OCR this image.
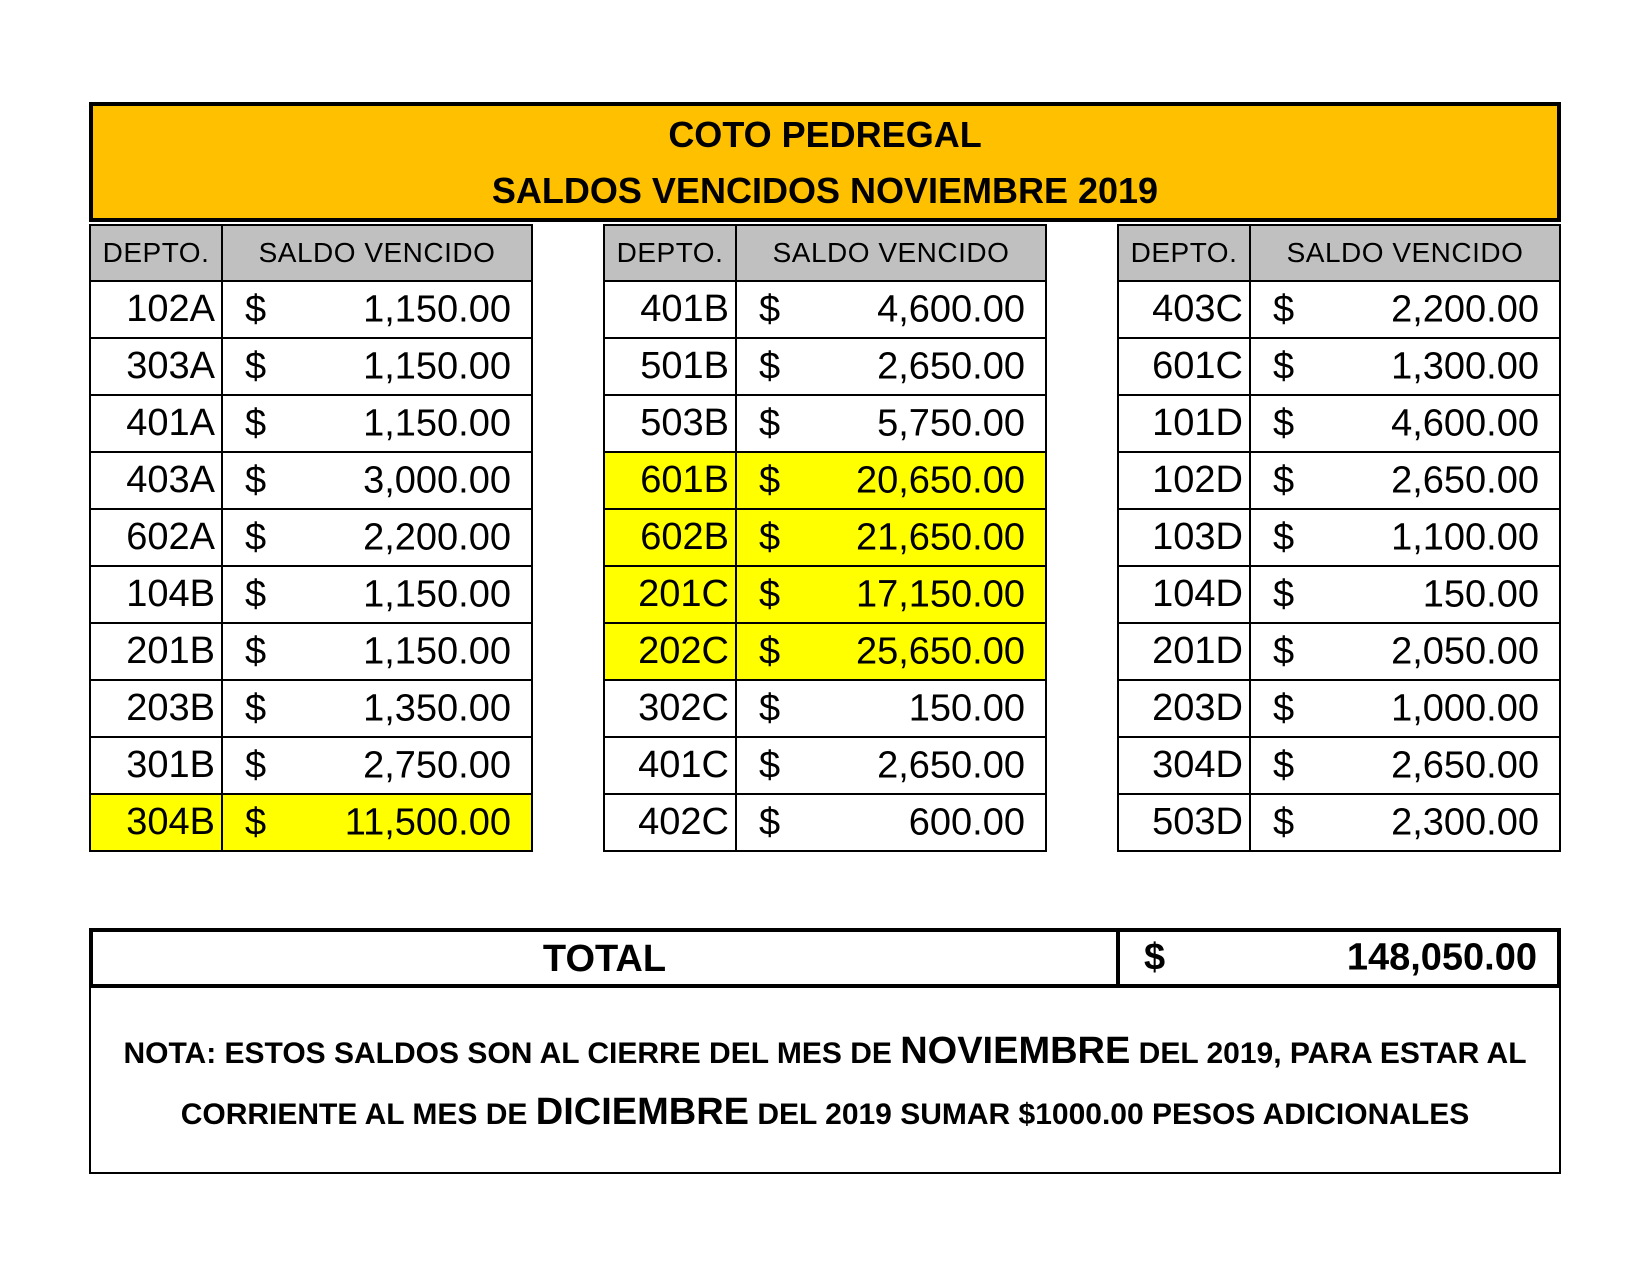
COTO PEDREGAL
SALDOS VENCIDOS NOVIEMBRE 2019
DEPTO.	SALDO VENCIDO
102A	$ 1,150.00

303A	$ 1,150.00

401A	$ 1,150.00

403A	$ 3,000.00

602A	$ 2,200.00

104B	$ 1,150.00

201B	$ 1,150.00

203B	$ 1,350.00

301B	$ 2,750.00

304B	$ 11,500.00
DEPTO.	SALDO VENCIDO
401B	$ 4,600.00

501B	$ 2,650.00

503B	$ 5,750.00

601B	$ 20,650.00

602B	$ 21,650.00

201C	$ 17,150.00

202C	$ 25,650.00

302C	$ 150.00

401C	$ 2,650.00

402C	$ 600.00
DEPTO.	SALDO VENCIDO
403C	$ 2,200.00

601C	$ 1,300.00

101D	$ 4,600.00

102D	$ 2,650.00

103D	$ 1,100.00

104D	$ 150.00

201D	$ 2,050.00

203D	$ 1,000.00

304D	$ 2,650.00

503D	$ 2,300.00
TOTAL	$	148,050.00
NOTA: ESTOS SALDOS SON AL CIERRE DEL MES DE NOVIEMBRE DEL 2019, PARA ESTAR AL CORRIENTE AL MES DE DICIEMBRE DEL 2019 SUMAR $1000.00 PESOS ADICIONALES
